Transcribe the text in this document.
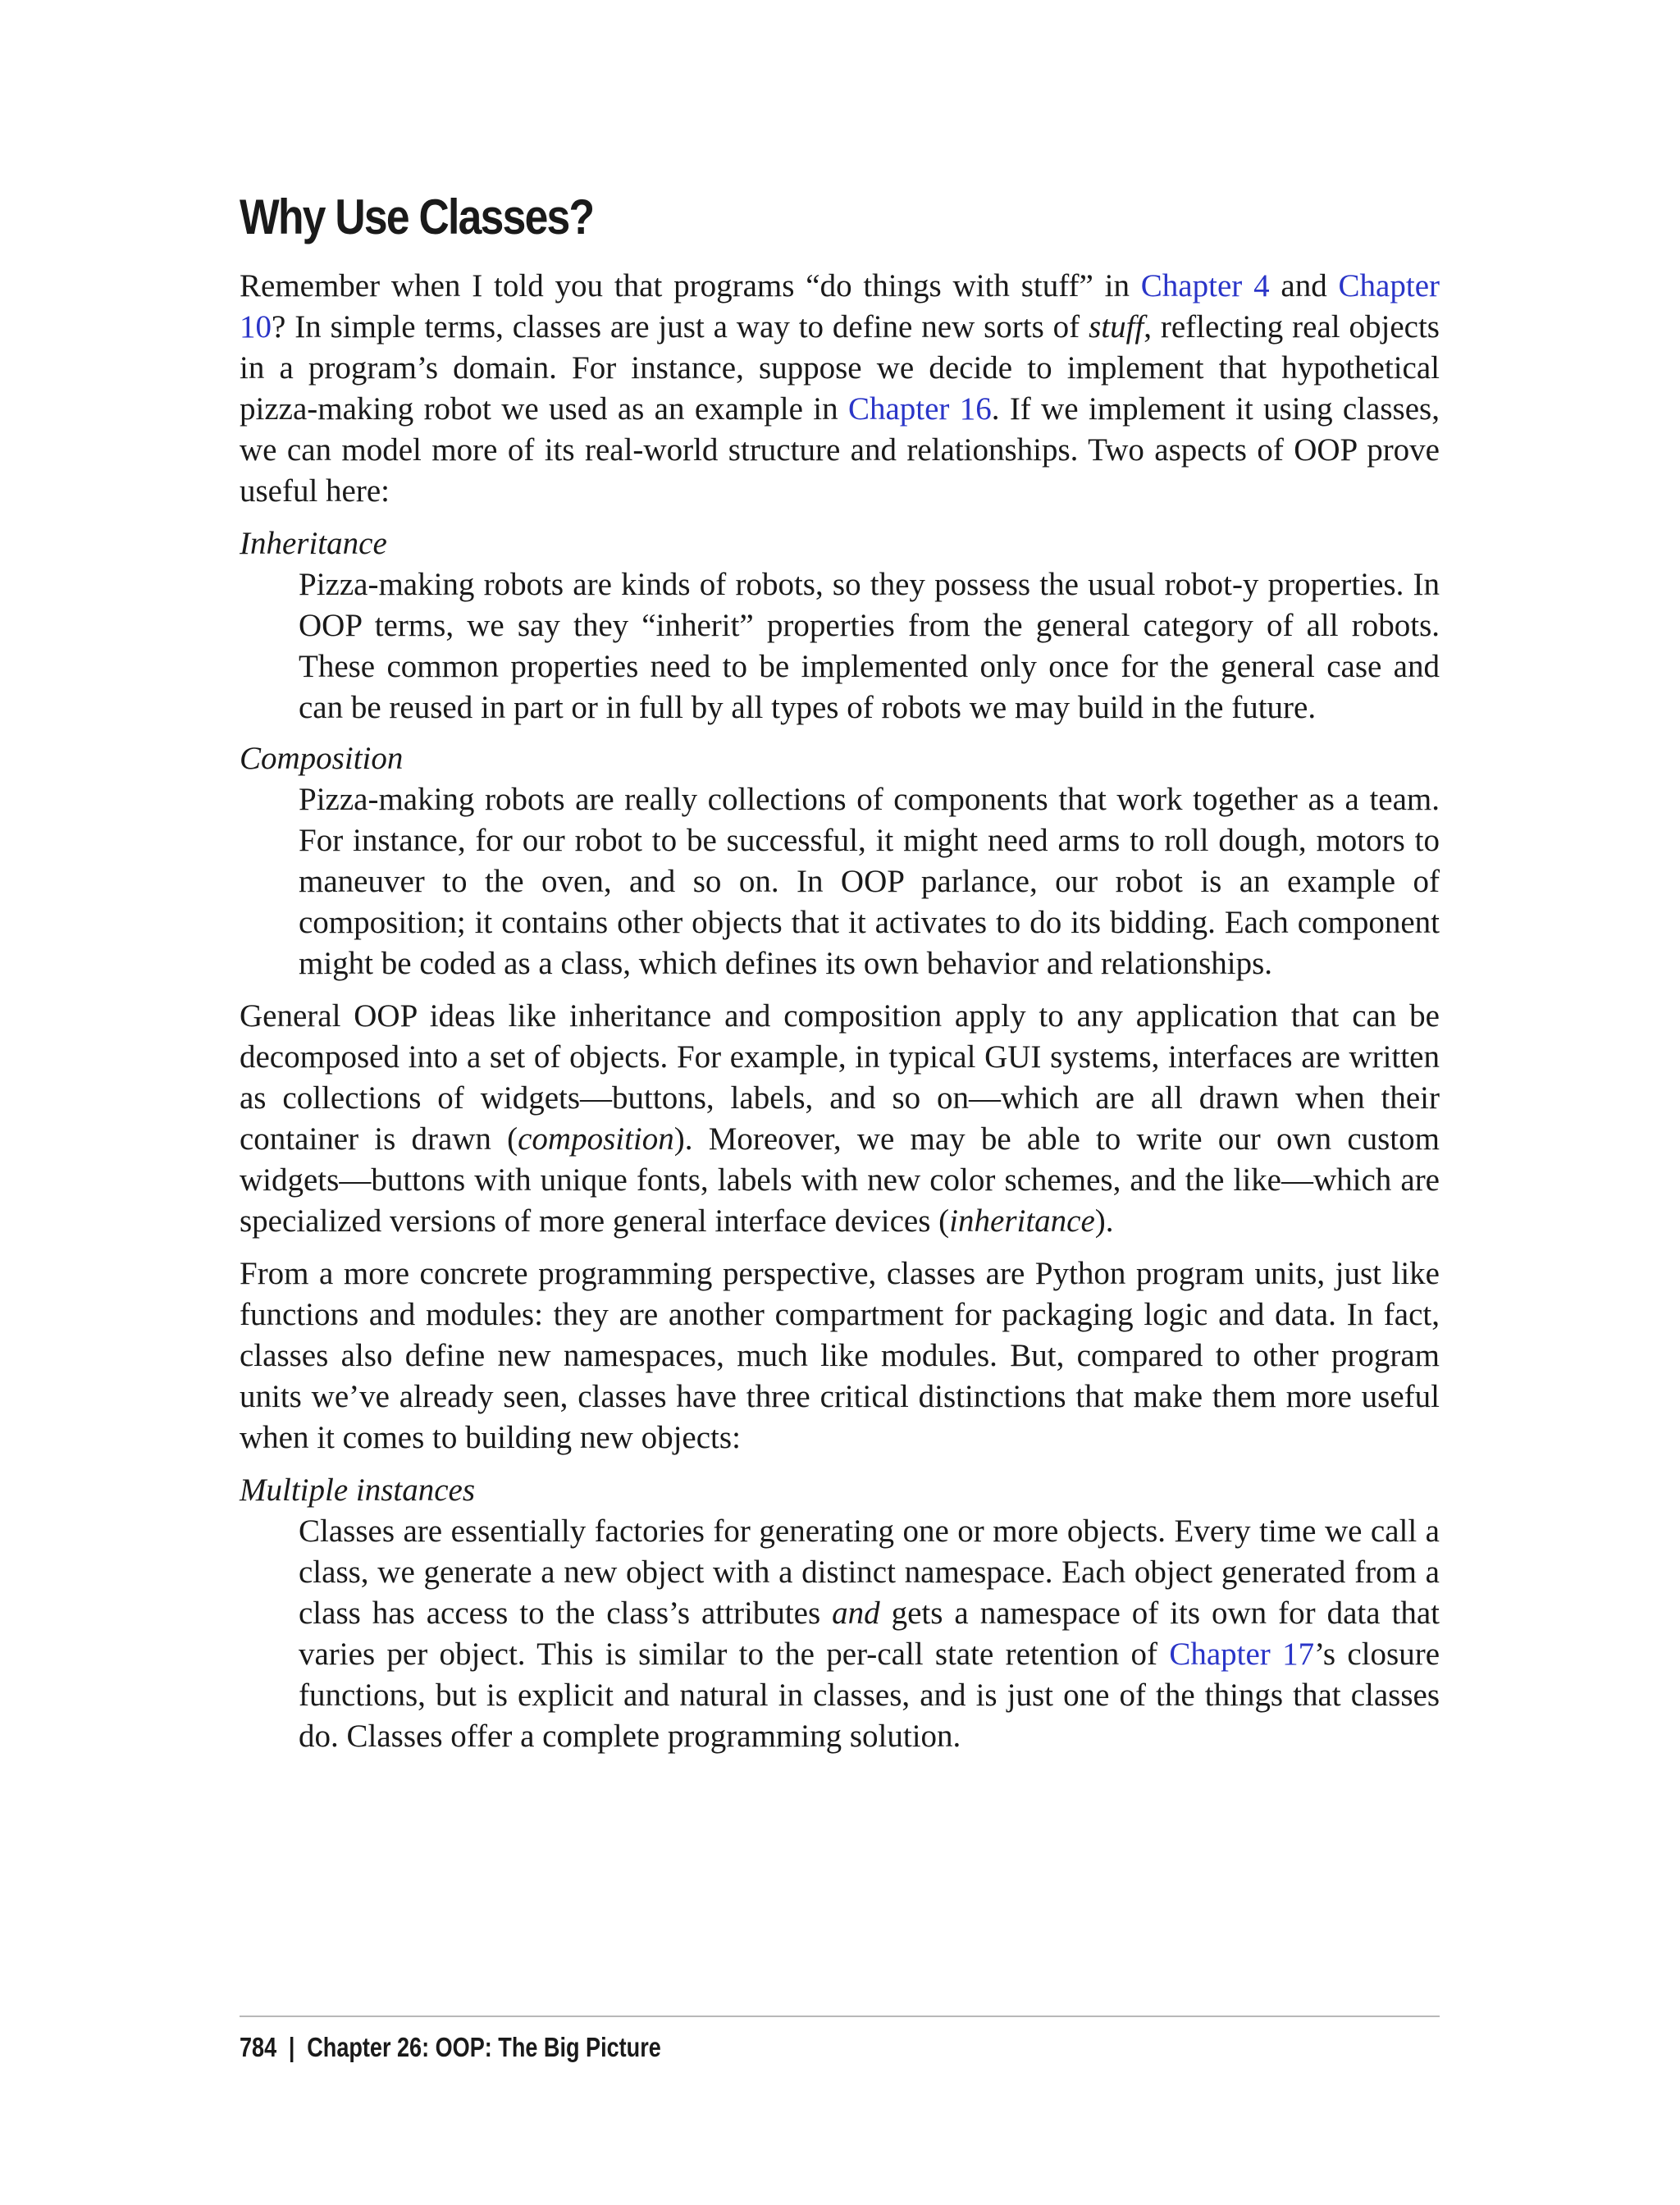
Why Use Classes?

Remember when I told you that programs “do things with stuff” in Chapter 4 and Chapter 10? In simple terms, classes are just a way to define new sorts of stuff, reflecting real objects in a program’s domain. For instance, suppose we decide to implement that hypothetical pizza-making robot we used as an example in Chapter 16. If we implement it using classes, we can model more of its real-world structure and relationships. Two aspects of OOP prove useful here:

Inheritance

Pizza-making robots are kinds of robots, so they possess the usual robot-y properties. In OOP terms, we say they “inherit” properties from the general category of all robots. These common properties need to be implemented only once for the general case and can be reused in part or in full by all types of robots we may build in the future.

Composition

Pizza-making robots are really collections of components that work together as a team. For instance, for our robot to be successful, it might need arms to roll dough, motors to maneuver to the oven, and so on. In OOP parlance, our robot is an example of composition; it contains other objects that it activates to do its bidding. Each component might be coded as a class, which defines its own behavior and relationships.

General OOP ideas like inheritance and composition apply to any application that can be decomposed into a set of objects. For example, in typical GUI systems, interfaces are written as collections of widgets—buttons, labels, and so on—which are all drawn when their container is drawn (composition). Moreover, we may be able to write our own custom widgets—buttons with unique fonts, labels with new color schemes, and the like—which are specialized versions of more general interface devices (inheritance).

From a more concrete programming perspective, classes are Python program units, just like functions and modules: they are another compartment for packaging logic and data. In fact, classes also define new namespaces, much like modules. But, compared to other program units we’ve already seen, classes have three critical distinctions that make them more useful when it comes to building new objects:

Multiple instances

Classes are essentially factories for generating one or more objects. Every time we call a class, we generate a new object with a distinct namespace. Each object generated from a class has access to the class’s attributes and gets a namespace of its own for data that varies per object. This is similar to the per-call state retention of Chapter 17’s closure functions, but is explicit and natural in classes, and is just one of the things that classes do. Classes offer a complete programming solution.

784 | Chapter 26: OOP: The Big Picture
